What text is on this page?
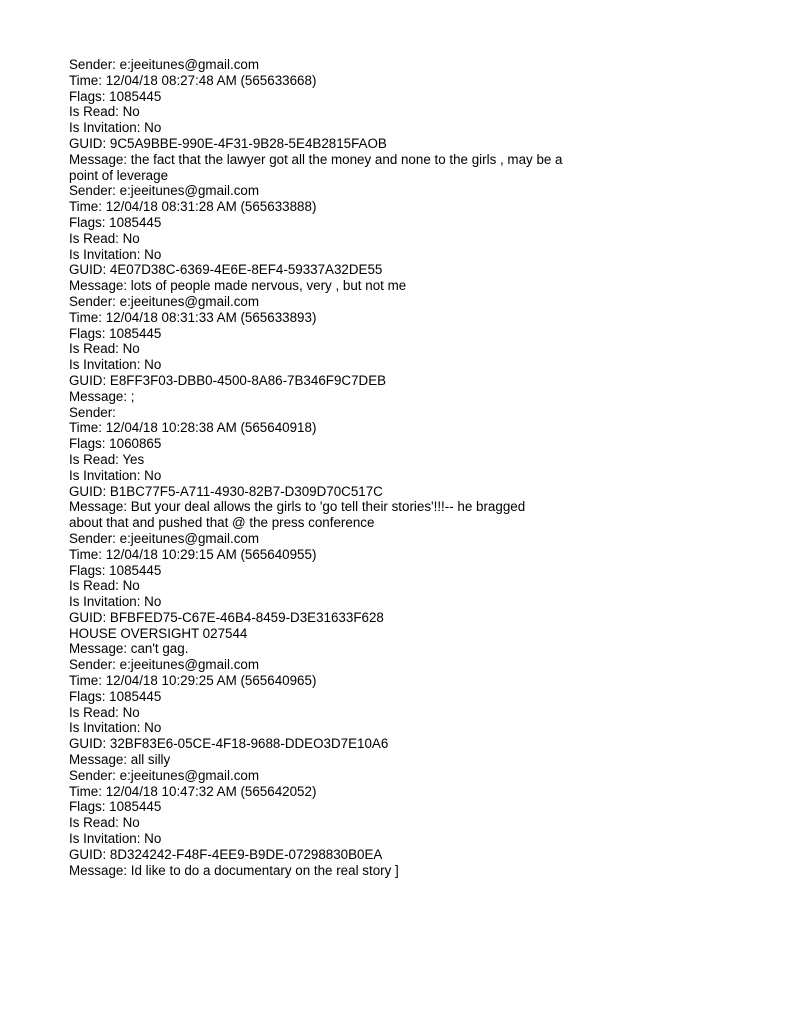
Sender: e:jeeitunes@gmail.com
Time: 12/04/18 08:27:48 AM (565633668)
Flags: 1085445
Is Read: No
Is Invitation: No
GUID: 9C5A9BBE-990E-4F31-9B28-5E4B2815FAOB
Message: the fact that the lawyer got all the money and none to the girls , may be a
point of leverage
Sender: e:jeeitunes@gmail.com
Time: 12/04/18 08:31:28 AM (565633888)
Flags: 1085445
Is Read: No
Is Invitation: No
GUID: 4E07D38C-6369-4E6E-8EF4-59337A32DE55
Message: lots of people made nervous, very , but not me
Sender: e:jeeitunes@gmail.com
Time: 12/04/18 08:31:33 AM (565633893)
Flags: 1085445
Is Read: No
Is Invitation: No
GUID: E8FF3F03-DBB0-4500-8A86-7B346F9C7DEB
Message: ;
Sender:
Time: 12/04/18 10:28:38 AM (565640918)
Flags: 1060865
Is Read: Yes
Is Invitation: No
GUID: B1BC77F5-A711-4930-82B7-D309D70C517C
Message: But your deal allows the girls to 'go tell their stories'!!!-- he bragged
about that and pushed that @ the press conference
Sender: e:jeeitunes@gmail.com
Time: 12/04/18 10:29:15 AM (565640955)
Flags: 1085445
Is Read: No
Is Invitation: No
GUID: BFBFED75-C67E-46B4-8459-D3E31633F628
HOUSE OVERSIGHT 027544
Message: can't gag.
Sender: e:jeeitunes@gmail.com
Time: 12/04/18 10:29:25 AM (565640965)
Flags: 1085445
Is Read: No
Is Invitation: No
GUID: 32BF83E6-05CE-4F18-9688-DDEO3D7E10A6
Message: all silly
Sender: e:jeeitunes@gmail.com
Time: 12/04/18 10:47:32 AM (565642052)
Flags: 1085445
Is Read: No
Is Invitation: No
GUID: 8D324242-F48F-4EE9-B9DE-07298830B0EA
Message: Id like to do a documentary on the real story ]
